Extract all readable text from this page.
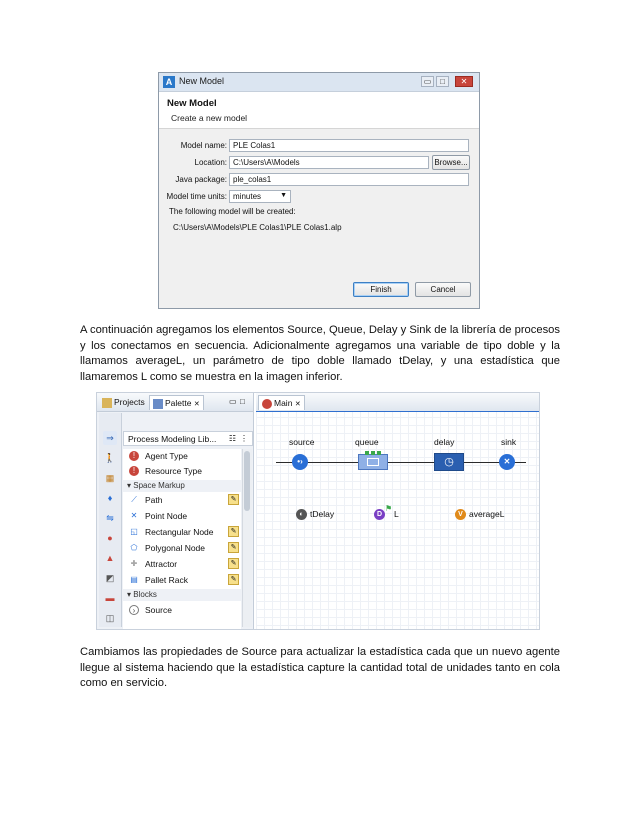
A New Model	▭	□	✕
New Model
Create a new model
Model name: PLE Colas1
Location: C:\Users\A\Models	Browse...
Java package: ple_colas1
Model time units: minutes	▼
The following model will be created:
C:\Users\A\Models\PLE Colas1\PLE Colas1.alp
Finish	Cancel
A continuación agregamos los elementos Source, Queue, Delay y Sink de la librería de procesos y los conectamos en secuencia. Adicionalmente agregamos una variable de tipo doble y la llamamos averageL, un parámetro de tipo doble llamado tDelay, y una estadística que llamaremos L como se muestra en la imagen inferior.
Projects	Palette ✕	▭ □
⇒
🚶
▦
♦
⇋
●
▲
◩
▬
◫
Process Modeling Lib... ☷ ⋮
!	Agent Type
!	Resource Type
▾ Space Markup
⟋ Path	✎
✕ Point Node
◱ Rectangular Node	✎
⬠ Polygonal Node	✎
✛ Attractor	✎
▤ Pallet Rack	✎
▾ Blocks
›	Source
Main ✕
source	queue	delay	sink
•›	◷	✕
◐ tDelay	D
⚑
L	V averageL
Cambiamos las propiedades de Source para actualizar la estadística cada que un nuevo agente llegue al sistema haciendo que la estadística capture la cantidad total de unidades tanto en cola como en servicio.
